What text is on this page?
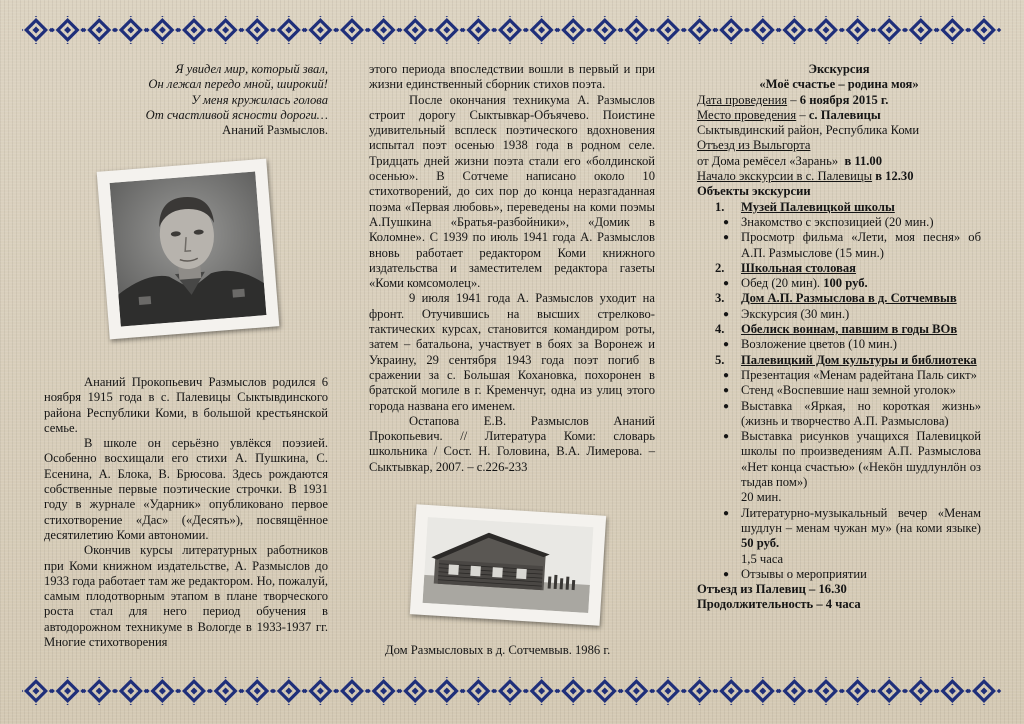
Я увидел мир, который звал,
Он лежал передо мной, широкий!
У меня кружилась голова
От счастливой ясности дороги…
Ананий Размыслов.

Ананий Прокопьевич Размыслов родился 6 ноября 1915 года в с. Палевицы Сыктывдинского района Республики Коми, в большой крестьянской семье.

В школе он серьёзно увлёкся поэзией. Особенно восхищали его стихи А. Пушкина, С. Есенина, А. Блока, В. Брюсова. Здесь рождаются собственные первые поэтические строчки. В 1931 году в журнале «Ударник» опубликовано первое стихотворение «Дас» («Десять»), посвящённое десятилетию Коми автономии.

Окончив курсы литературных работников при Коми книжном издательстве, А. Размыслов до 1933 года работает там же редактором. Но, пожалуй, самым плодотворным этапом в плане творческого роста стал для него период обучения в автодорожном техникуме в Вологде в 1933-1937 гг. Многие стихотворения

этого периода впоследствии вошли в первый и при жизни единственный сборник стихов поэта.

После окончания техникума А. Размыслов строит дорогу Сыктывкар-Объячево. Поистине удивительный всплеск поэтического вдохновения испытал поэт осенью 1938 года в родном селе. Тридцать дней жизни поэта стали его «болдинской осенью». В Сотчеме написано около 10 стихотворений, до сих пор до конца неразгаданная поэма «Первая любовь», переведены на коми поэмы А.Пушкина «Братья-разбойники», «Домик в Коломне». С 1939 по июль 1941 года А. Размыслов вновь работает редактором Коми книжного издательства и заместителем редактора газеты «Коми комсомолец».

9 июля 1941 года А. Размыслов уходит на фронт. Отучившись на высших стрелково-тактических курсах, становится командиром роты, затем – батальона, участвует в боях за Воронеж и Украину, 29 сентября 1943 года поэт погиб в сражении за с. Большая Кохановка, похоронен в братской могиле в г. Кременчуг, одна из улиц этого города названа его именем.

Остапова Е.В. Размыслов Ананий Прокопьевич. // Литература Коми: словарь школьника / Сост. Н. Головина, В.А. Лимерова. – Сыктывкар, 2007. – с.226-233

Дом Размысловых в д. Сотчемвыв. 1986 г.
Экскурсия
«Моё счастье – родина моя»
Дата проведения – 6 ноября 2015 г.
Место проведения – с. Палевицы
Сыктывдинский район, Республика Коми
Отъезд из Выльгорта
от Дома ремёсел «Зарань» в 11.00
Начало экскурсии в с. Палевицы в 12.30
Объекты экскурсии
1.	Музей Палевицкой школы
● Знакомство с экспозицией (20 мин.)
● Просмотр фильма «Лети, моя песня» об А.П. Размыслове (15 мин.)
2.	Школьная столовая
● Обед (20 мин). 100 руб.
3.	Дом А.П. Размыслова в д. Сотчемвыв
● Экскурсия (30 мин.)
4.	Обелиск воинам, павшим в годы ВОв
● Возложение цветов (10 мин.)
5.	Палевицкий Дом культуры и библиотека
● Презентация «Менам радейтана Паль сикт»
● Стенд «Воспевшие наш земной уголок»
● Выставка «Яркая, но короткая жизнь» (жизнь и творчество А.П. Размыслова)
● Выставка рисунков учащихся Палевицкой школы по произведениям А.П. Размыслова «Нет конца счастью» («Некӧн шудлунлӧн оз тыдав пом»)
20 мин.
● Литературно-музыкальный вечер «Менам шудлун – менам чужан му» (на коми языке) 50 руб.
1,5 часа
● Отзывы о мероприятии
Отъезд из Палевиц – 16.30
Продолжительность – 4 часа
